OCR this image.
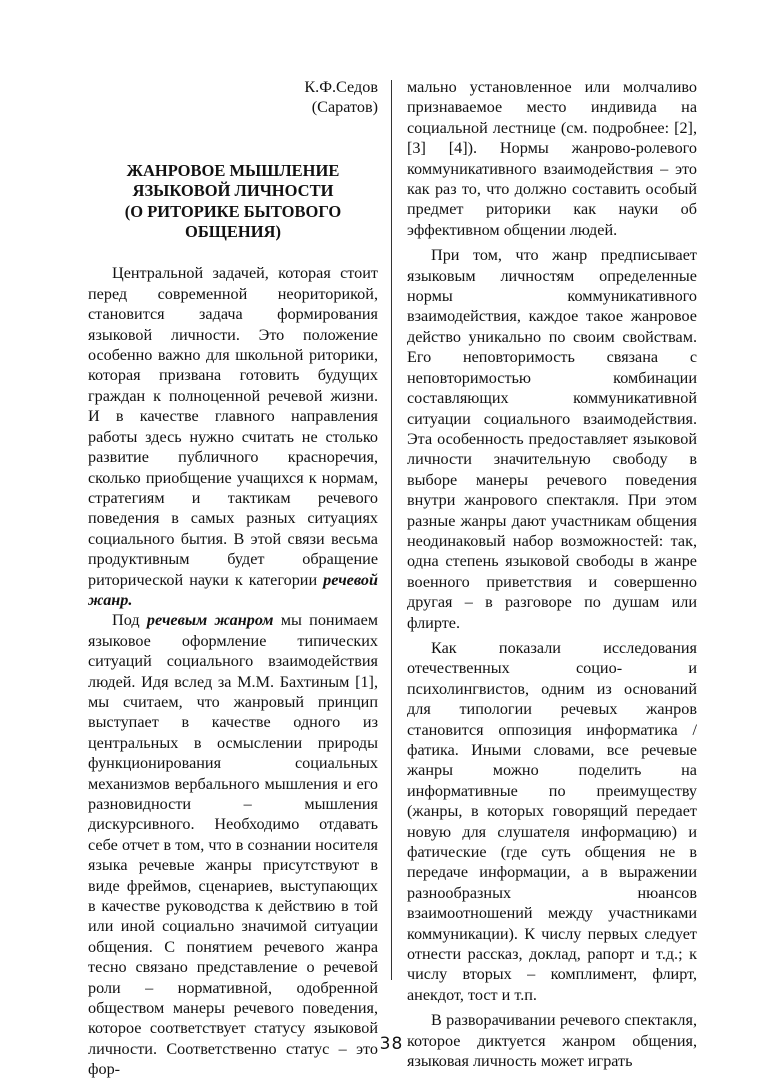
К.Ф.Седов

(Саратов)

ЖАНРОВОЕ МЫШЛЕНИЕ
ЯЗЫКОВОЙ ЛИЧНОСТИ
(О РИТОРИКЕ БЫТОВОГО
ОБЩЕНИЯ)

Центральной задачей, которая стоит перед современной неориторикой, становится задача формирования языковой личности. Это положение особенно важно для школьной риторики, которая призвана готовить будущих граждан к полноценной речевой жизни. И в качестве главного направления работы здесь нужно считать не столько развитие публичного красноречия, сколько приобщение учащихся к нормам, стратегиям и тактикам речевого поведения в самых разных ситуациях социального бытия. В этой связи весьма продуктивным будет обращение риторической науки к категории речевой жанр.

Под речевым жанром мы понимаем языковое оформление типических ситуаций социального взаимодействия людей. Идя вслед за М.М. Бахтиным [1], мы считаем, что жанровый принцип выступает в качестве одного из центральных в осмыслении природы функционирования социальных механизмов вербального мышления и его разновидности – мышления дискурсивного. Необходимо отдавать себе отчет в том, что в сознании носителя языка речевые жанры присутствуют в виде фреймов, сценариев, выступающих в качестве руководства к действию в той или иной социально значимой ситуации общения. С понятием речевого жанра тесно связано представление о речевой роли – нормативной, одобренной обществом манеры речевого поведения, которое соответствует статусу языковой личности. Соответственно статус – это фор-

мально установленное или молчаливо признаваемое место индивида на социальной лестнице (см. подробнее: [2], [3] [4]). Нормы жанрово-ролевого коммуникативного взаимодействия – это как раз то, что должно составить особый предмет риторики как науки об эффективном общении людей.

При том, что жанр предписывает языковым личностям определенные нормы коммуникативного взаимодействия, каждое такое жанровое действо уникально по своим свойствам. Его неповторимость связана с неповторимостью комбинации составляющих коммуникативной ситуации социального взаимодействия. Эта особенность предоставляет языковой личности значительную свободу в выборе манеры речевого поведения внутри жанрового спектакля. При этом разные жанры дают участникам общения неодинаковый набор возможностей: так, одна степень языковой свободы в жанре военного приветствия и совершенно другая – в разговоре по душам или флирте.

Как показали исследования отечественных социо- и психолингвистов, одним из оснований для типологии речевых жанров становится оппозиция информатика / фатика. Иными словами, все речевые жанры можно поделить на информативные по преимуществу (жанры, в которых говорящий передает новую для слушателя информацию) и фатические (где суть общения не в передаче информации, а в выражении разнообразных нюансов взаимоотношений между участниками коммуникации). К числу первых следует отнести рассказ, доклад, рапорт и т.д.; к числу вторых – комплимент, флирт, анекдот, тост и т.п.

В разворачивании речевого спектакля, которое диктуется жанром общения, языковая личность может играть

38
